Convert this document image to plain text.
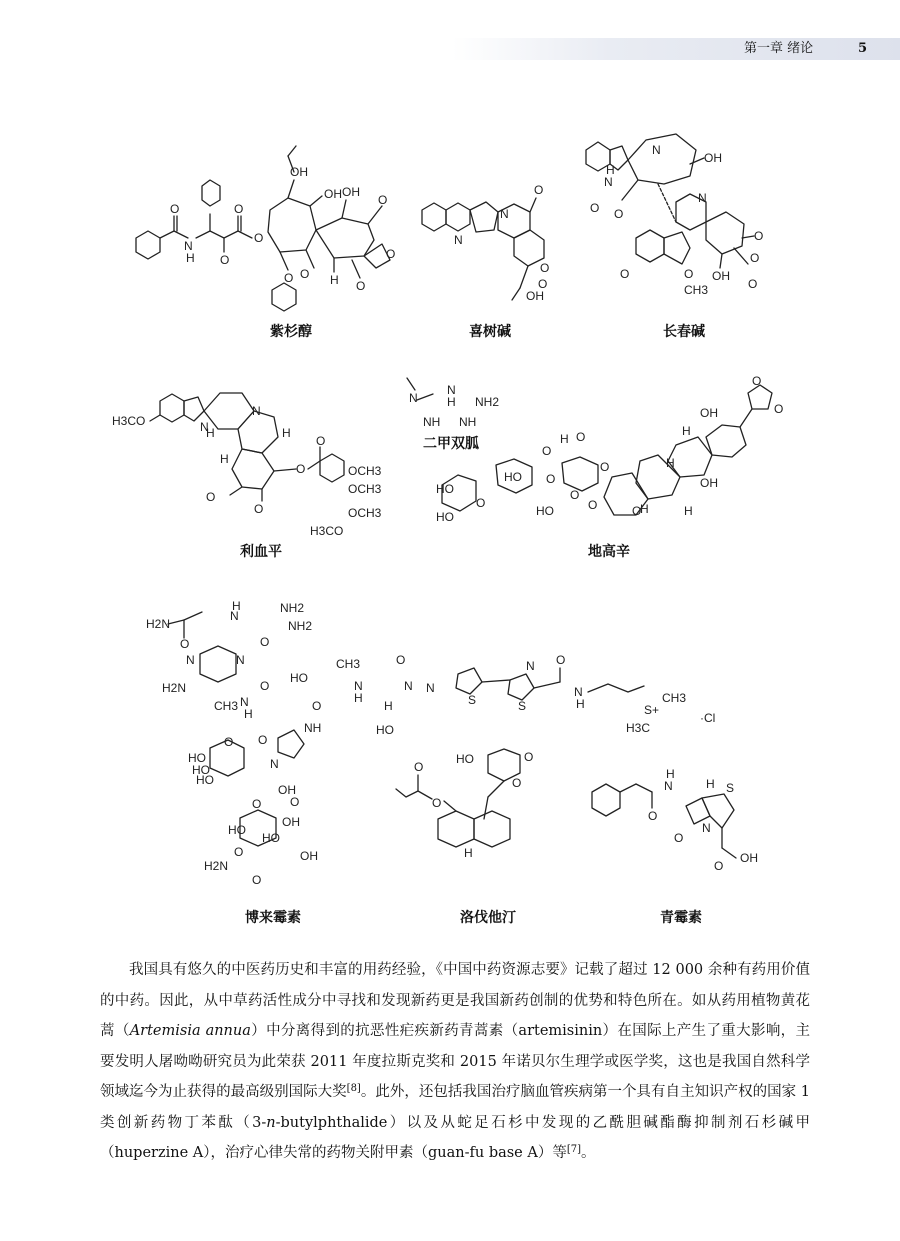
第一章 绪论	5
O
N
H O
O
O
OH
OH OH
O
O
O H
O
O
紫杉醇
N
N
O
O
O
OH
喜树碱
N
H
N
OH
O
O
N
O	O
CH3
O
OH
O
O
长春碱
H3CO	N
H
N
H
H
O
O
OCH3
OCH3
OCH3
H3CO
O
O
利血平
N
N
H NH2
NH NH
二甲双胍
O
O
OH
OH
H
H
O
O
O
O
HO
HO
HO
O
H
HO
O
O
O	H
H
地高辛
H2N
O
N
H	NH2
NH2
O
N	N
H2N
CH3
O
N
H
CH3
HO
O
N
H
H
O
N
HO
N
S
N
S
O
N
H	S+
CH3
H3C
·Cl
N
NH
HO
HO
O
HO
O
O
HO
OH
H2N
O
O
OH
HO
O
OH
博来霉素
HO	O
O
O
O
H
洛伐他汀
O
N
H
H S
N
O
OH
O
青霉素

我国具有悠久的中医药历史和丰富的用药经验，《中国中药资源志要》记载了超过 12 000 余种有药用价值的中药。因此，从中草药活性成分中寻找和发现新药更是我国新药创制的优势和特色所在。如从药用植物黄花蒿（Artemisia annua）中分离得到的抗恶性疟疾新药青蒿素（artemisinin）在国际上产生了重大影响，主要发明人屠呦呦研究员为此荣获 2011 年度拉斯克奖和 2015 年诺贝尔生理学或医学奖，这也是我国自然科学领域迄今为止获得的最高级别国际大奖[8]。此外，还包括我国治疗脑血管疾病第一个具有自主知识产权的国家 1 类创新药物丁苯酞（3-n-butylphthalide）以及从蛇足石杉中发现的乙酰胆碱酯酶抑制剂石杉碱甲（huperzine A），治疗心律失常的药物关附甲素（guan-fu base A）等[7]。
